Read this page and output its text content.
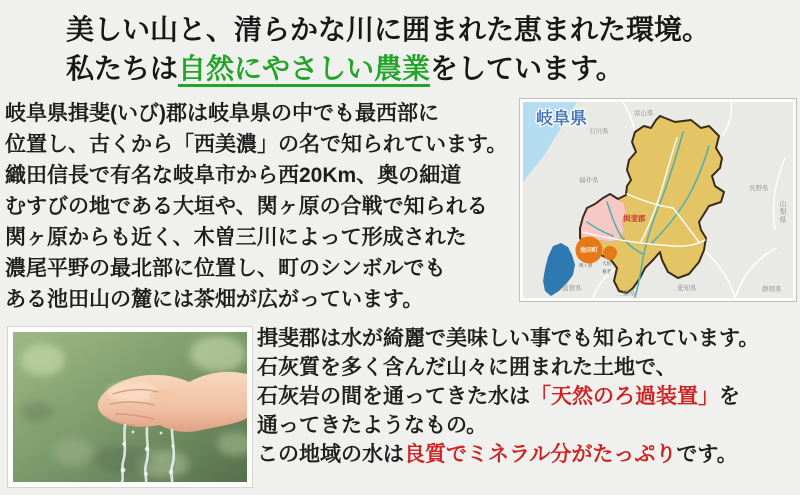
美しい山と、清らかな川に囲まれた恵まれた環境。
私たちは自然にやさしい農業をしています。
岐阜県揖斐(いび)郡は岐阜県の中でも最西部に
位置し、古くから「西美濃」の名で知られています。
織田信長で有名な岐阜市から西20Km、奥の細道
むすびの地である大垣や、関ヶ原の合戦で知られる
関ヶ原からも近く、木曽三川によって形成された
濃尾平野の最北部に位置し、町のシンボルでも
ある池田山の麓には茶畑が広がっています。
池田町
岐阜県
揖斐郡
富山県
石川県
福井県
長野県
滋賀県
三重県
愛知県	静岡県
関ヶ原 大垣
養老
山梨県
揖斐郡は水が綺麗で美味しい事でも知られています。
石灰質を多く含んだ山々に囲まれた土地で、
石灰岩の間を通ってきた水は「天然のろ過装置」を
通ってきたようなもの。
この地域の水は良質でミネラル分がたっぷりです。
